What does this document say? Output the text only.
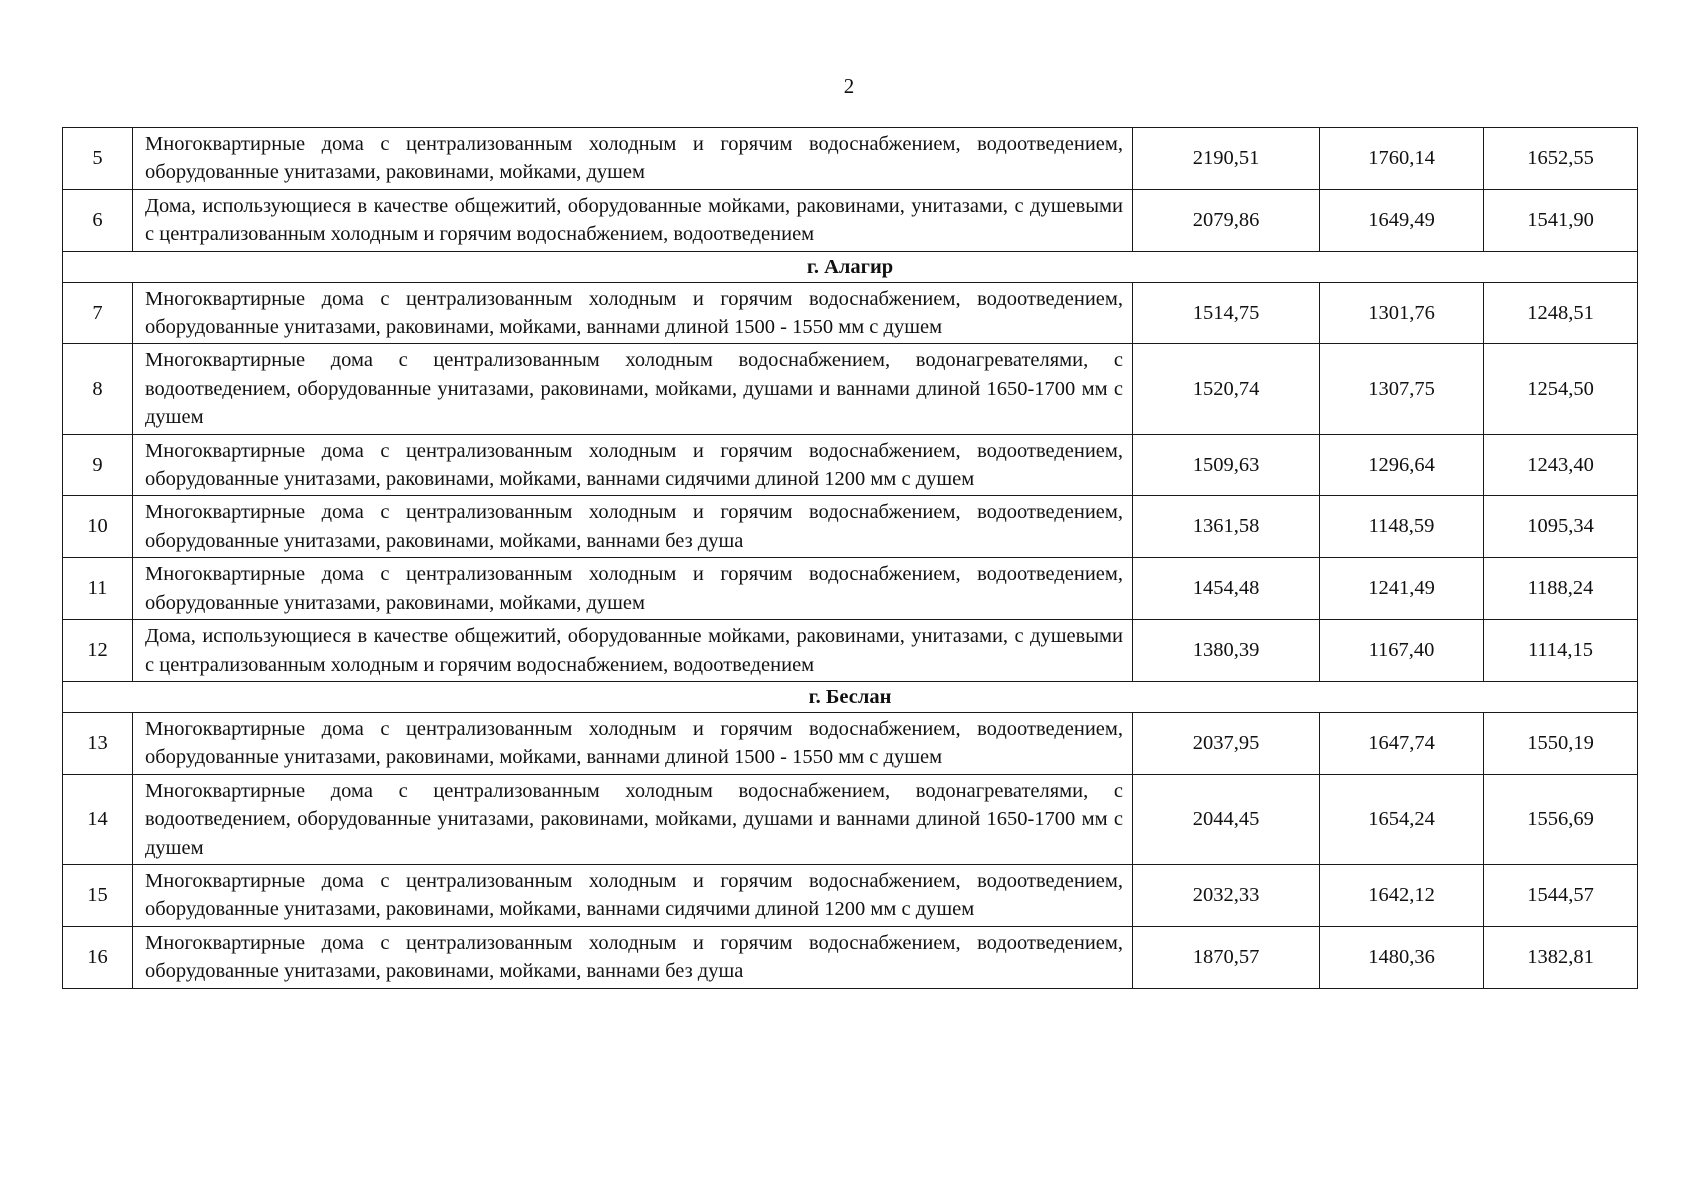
2
5	Многоквартирные дома с централизованным холодным и горячим водоснабжением, водоотведением, оборудованные унитазами, раковинами, мойками, душем	2190,51	1760,14	1652,55
6	Дома, использующиеся в качестве общежитий, оборудованные мойками, раковинами, унитазами, с душевыми с централизованным холодным и горячим водоснабжением, водоотведением	2079,86	1649,49	1541,90
г. Алагир				
7	Многоквартирные дома с централизованным холодным и горячим водоснабжением, водоотведением, оборудованные унитазами, раковинами, мойками, ваннами длиной 1500 - 1550 мм с душем	1514,75	1301,76	1248,51
8	Многоквартирные дома с централизованным холодным водоснабжением, водонагревателями, с водоотведением, оборудованные унитазами, раковинами, мойками, душами и ваннами длиной 1650-1700 мм с душем	1520,74	1307,75	1254,50
9	Многоквартирные дома с централизованным холодным и горячим водоснабжением, водоотведением, оборудованные унитазами, раковинами, мойками, ваннами сидячими длиной 1200 мм с душем	1509,63	1296,64	1243,40
10	Многоквартирные дома с централизованным холодным и горячим водоснабжением, водоотведением, оборудованные унитазами, раковинами, мойками, ваннами без душа	1361,58	1148,59	1095,34
11	Многоквартирные дома с централизованным холодным и горячим водоснабжением, водоотведением, оборудованные унитазами, раковинами, мойками, душем	1454,48	1241,49	1188,24
12	Дома, использующиеся в качестве общежитий, оборудованные мойками, раковинами, унитазами, с душевыми с централизованным холодным и горячим водоснабжением, водоотведением	1380,39	1167,40	1114,15
г. Беслан				
13	Многоквартирные дома с централизованным холодным и горячим водоснабжением, водоотведением, оборудованные унитазами, раковинами, мойками, ваннами длиной 1500 - 1550 мм с душем	2037,95	1647,74	1550,19
14	Многоквартирные дома с централизованным холодным водоснабжением, водонагревателями, с водоотведением, оборудованные унитазами, раковинами, мойками, душами и ваннами длиной 1650-1700 мм с душем	2044,45	1654,24	1556,69
15	Многоквартирные дома с централизованным холодным и горячим водоснабжением, водоотведением, оборудованные унитазами, раковинами, мойками, ваннами сидячими длиной 1200 мм с душем	2032,33	1642,12	1544,57
16	Многоквартирные дома с централизованным холодным и горячим водоснабжением, водоотведением, оборудованные унитазами, раковинами, мойками, ваннами без душа	1870,57	1480,36	1382,81
